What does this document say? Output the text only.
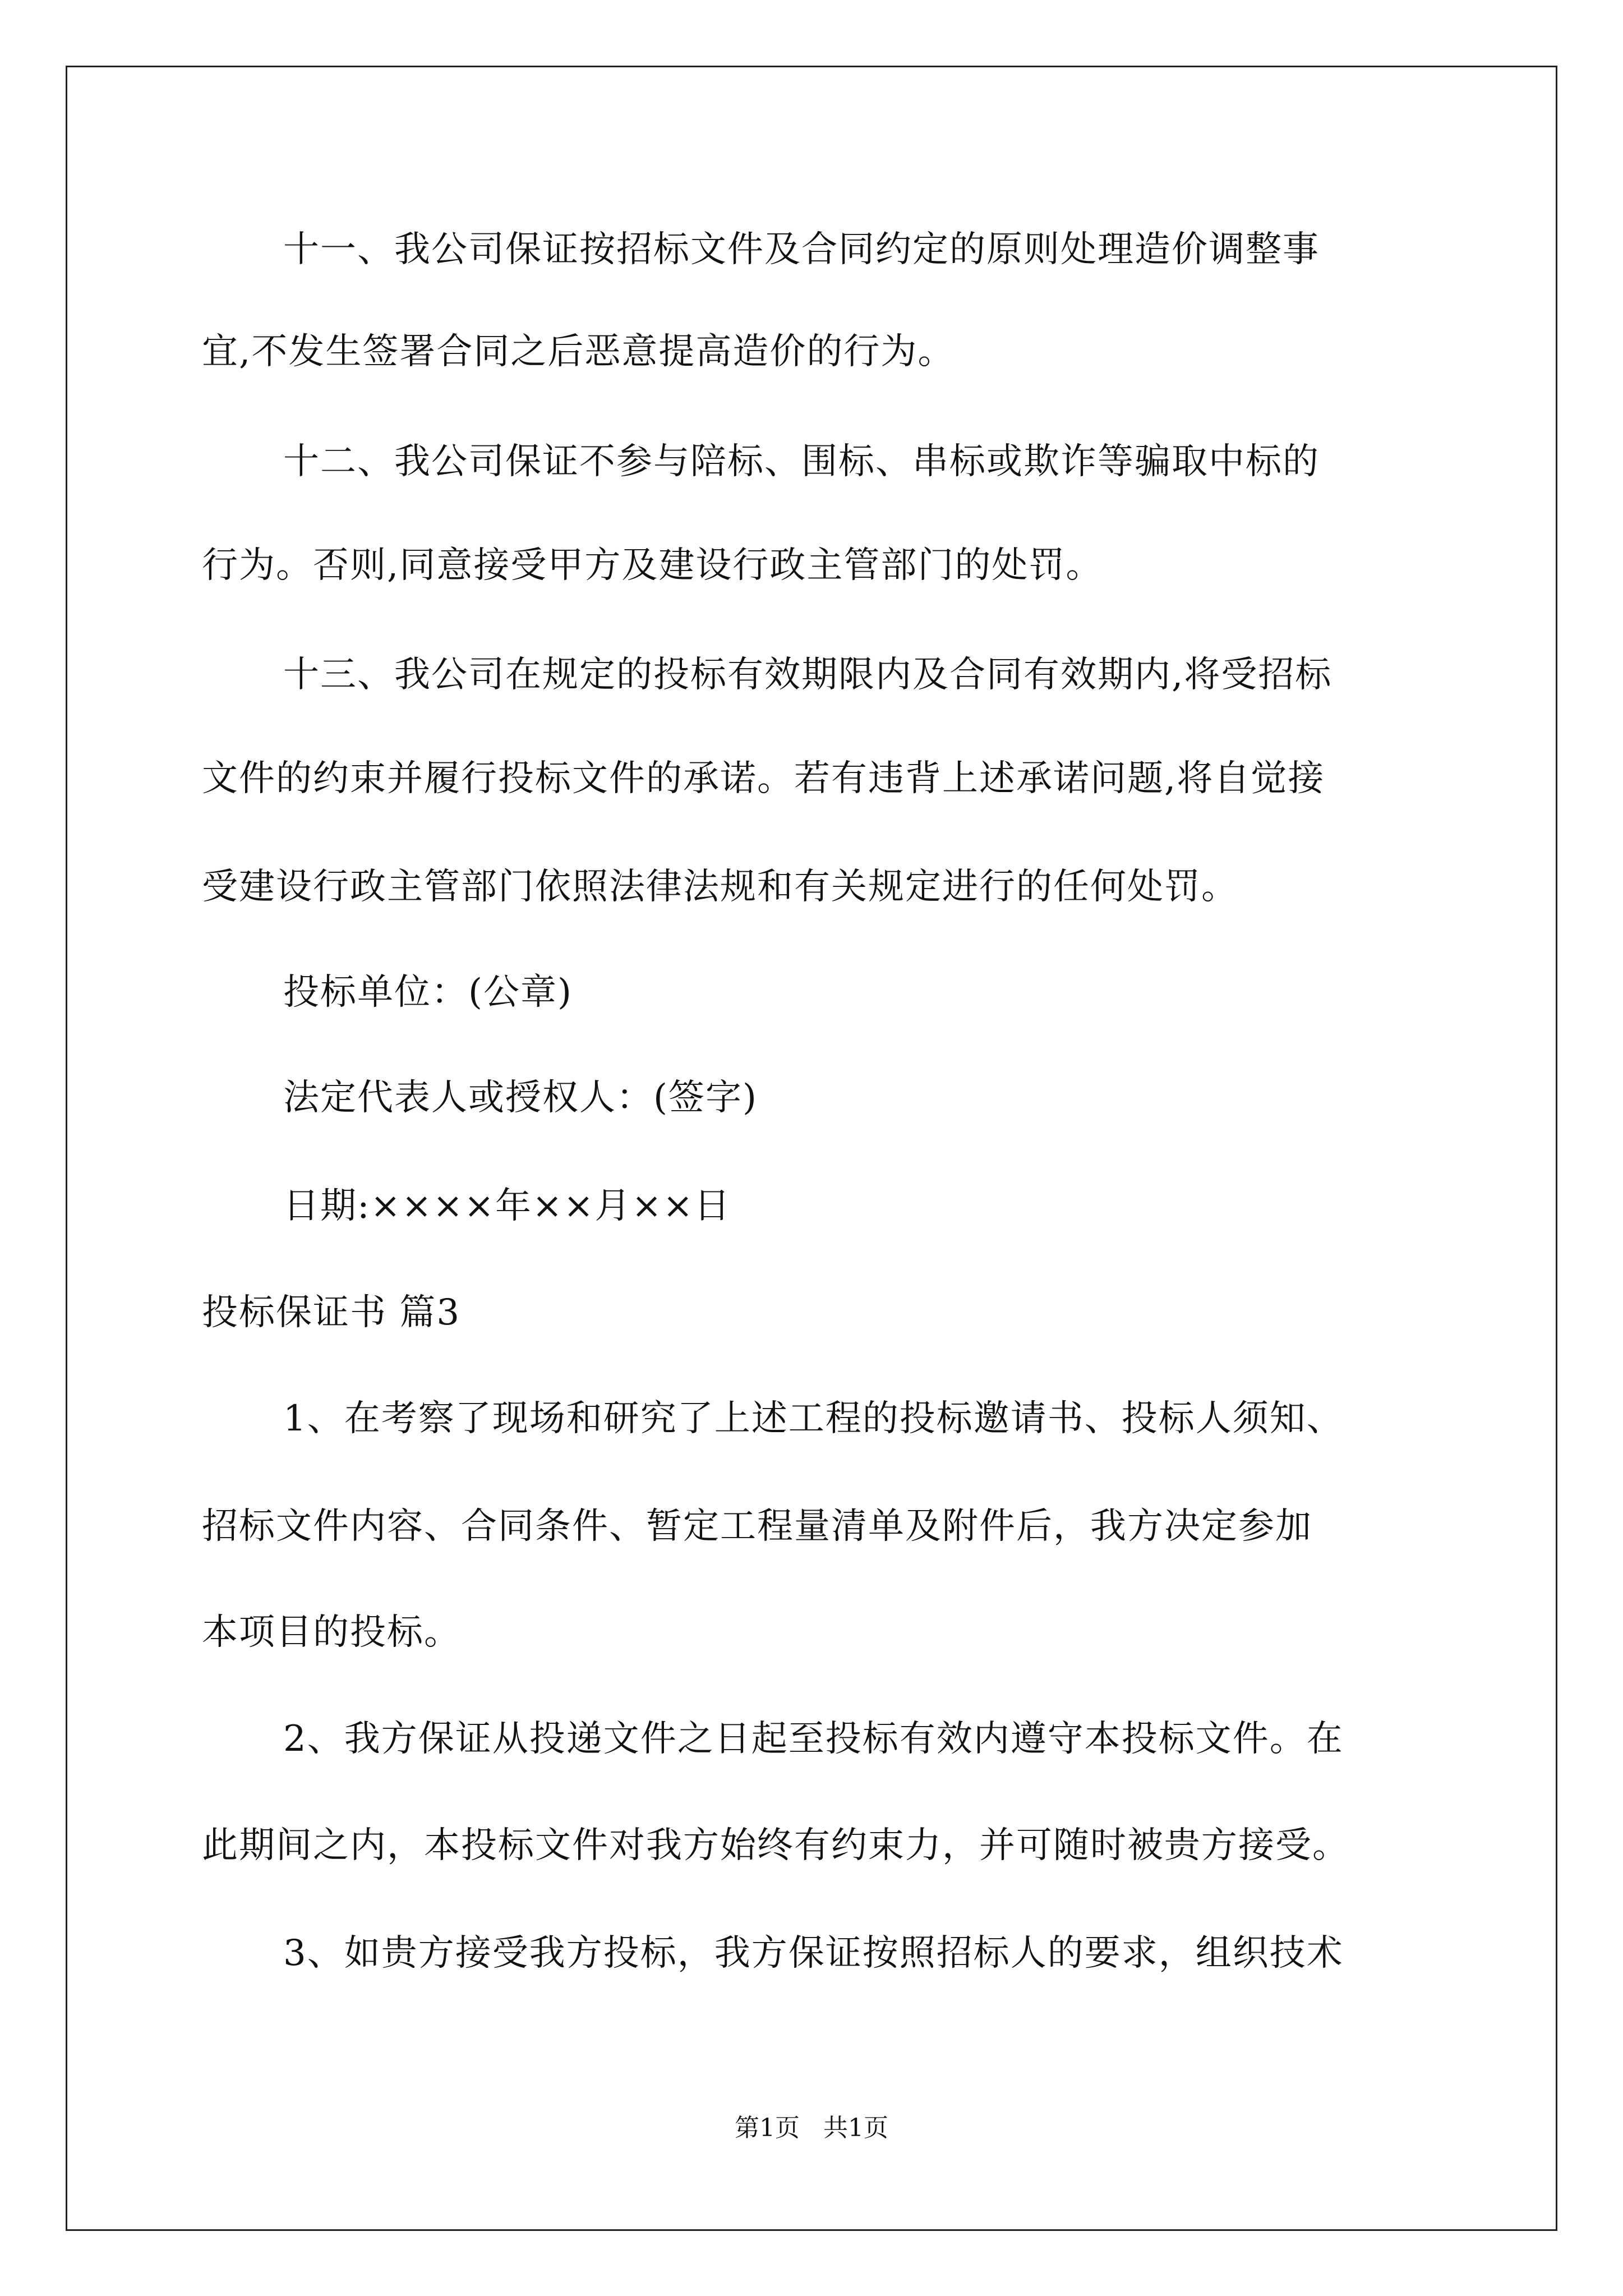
十一、我公司保证按招标文件及合同约定的原则处理造价调整事
宜,不发生签署合同之后恶意提高造价的行为。
十二、我公司保证不参与陪标、围标、串标或欺诈等骗取中标的
行为。否则,同意接受甲方及建设行政主管部门的处罚。
十三、我公司在规定的投标有效期限内及合同有效期内,将受招标
文件的约束并履行投标文件的承诺。若有违背上述承诺问题,将自觉接
受建设行政主管部门依照法律法规和有关规定进行的任何处罚。
投标单位：(公章)
法定代表人或授权人：(签字)
日期:××××年××月××日
投标保证书 篇3
1、在考察了现场和研究了上述工程的投标邀请书、投标人须知、
招标文件内容、合同条件、暂定工程量清单及附件后，我方决定参加
本项目的投标。
2、我方保证从投递文件之日起至投标有效内遵守本投标文件。在
此期间之内，本投标文件对我方始终有约束力，并可随时被贵方接受。
3、如贵方接受我方投标，我方保证按照招标人的要求，组织技术
第1页   共1页
